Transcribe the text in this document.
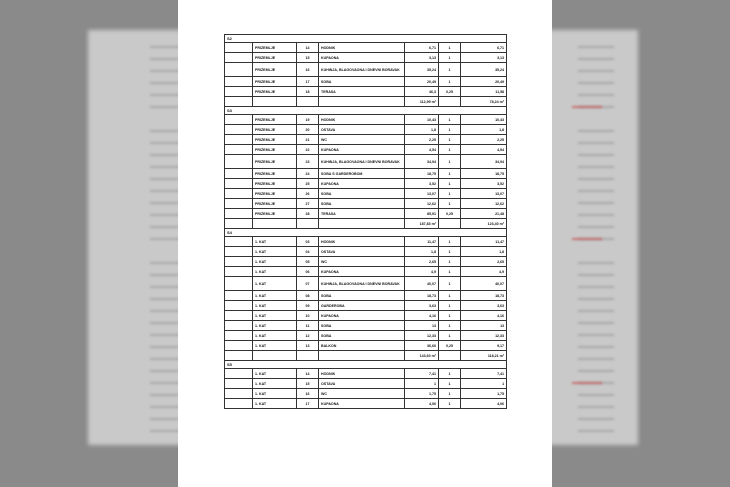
S2						
	PRIZEMLJE	14	HODNIK	6,71	1	6,71
	PRIZEMLJE	15	KUPAONA	3,13	1	3,13
	PRIZEMLJE	16	KUHINJA, BLAGOVAONA I DNEVNI BORAVAK	35,24	1	35,24
	PRIZEMLJE	17	SOBA	20,49	1	20,49
	PRIZEMLJE	18	TERASA	46,3	0,25	11,58
				112,99 m²		78,24 m²
S3						
	PRIZEMLJE	19	HODNIK	10,43	1	10,43
	PRIZEMLJE	20	OSTAVA	1,8	1	1,8
	PRIZEMLJE	21	WC	2,25	1	2,25
	PRIZEMLJE	22	KUPAONA	4,54	1	4,54
	PRIZEMLJE	23	KUHINJA, BLAGOVAONA I DNEVNI BORAVAK	34,94	1	34,94
	PRIZEMLJE	24	SOBA S GARDEROBOM	18,75	1	18,75
	PRIZEMLJE	25	KUPAONA	3,52	1	3,52
	PRIZEMLJE	26	SOBA	13,07	1	13,07
	PRIZEMLJE	27	SOBA	12,62	1	12,62
	PRIZEMLJE	28	TERASA	85,91	0,25	21,48
				187,83 m²		123,40 m²
S4						
	1. KAT	03	HODNIK	11,47	1	11,47
	1. KAT	04	OSTAVA	1,8	1	1,8
	1. KAT	05	WC	2,65	1	2,65
	1. KAT	06	KUPAONA	4,9	1	4,9
	1. KAT	07	KUHINJA, BLAGOVAONA I DNEVNI BORAVAK	40,07	1	40,07
	1. KAT	08	SOBA	18,73	1	18,73
	1. KAT	09	GARDEROBA	3,63	1	3,63
	1. KAT	10	KUPAONA	4,16	1	4,16
	1. KAT	11	SOBA	13	1	13
	1. KAT	12	SOBA	12,33	1	12,33
	1. KAT	13	BALKON	36,66	0,25	9,17
				143,60 m²		118,21 m²
S5						
	1. KAT	14	HODNIK	7,41	1	7,41
	1. KAT	15	OSTAVA	1	1	1
	1. KAT	16	WC	1,75	1	1,75
	1. KAT	17	KUPAONA	4,06	1	4,06
